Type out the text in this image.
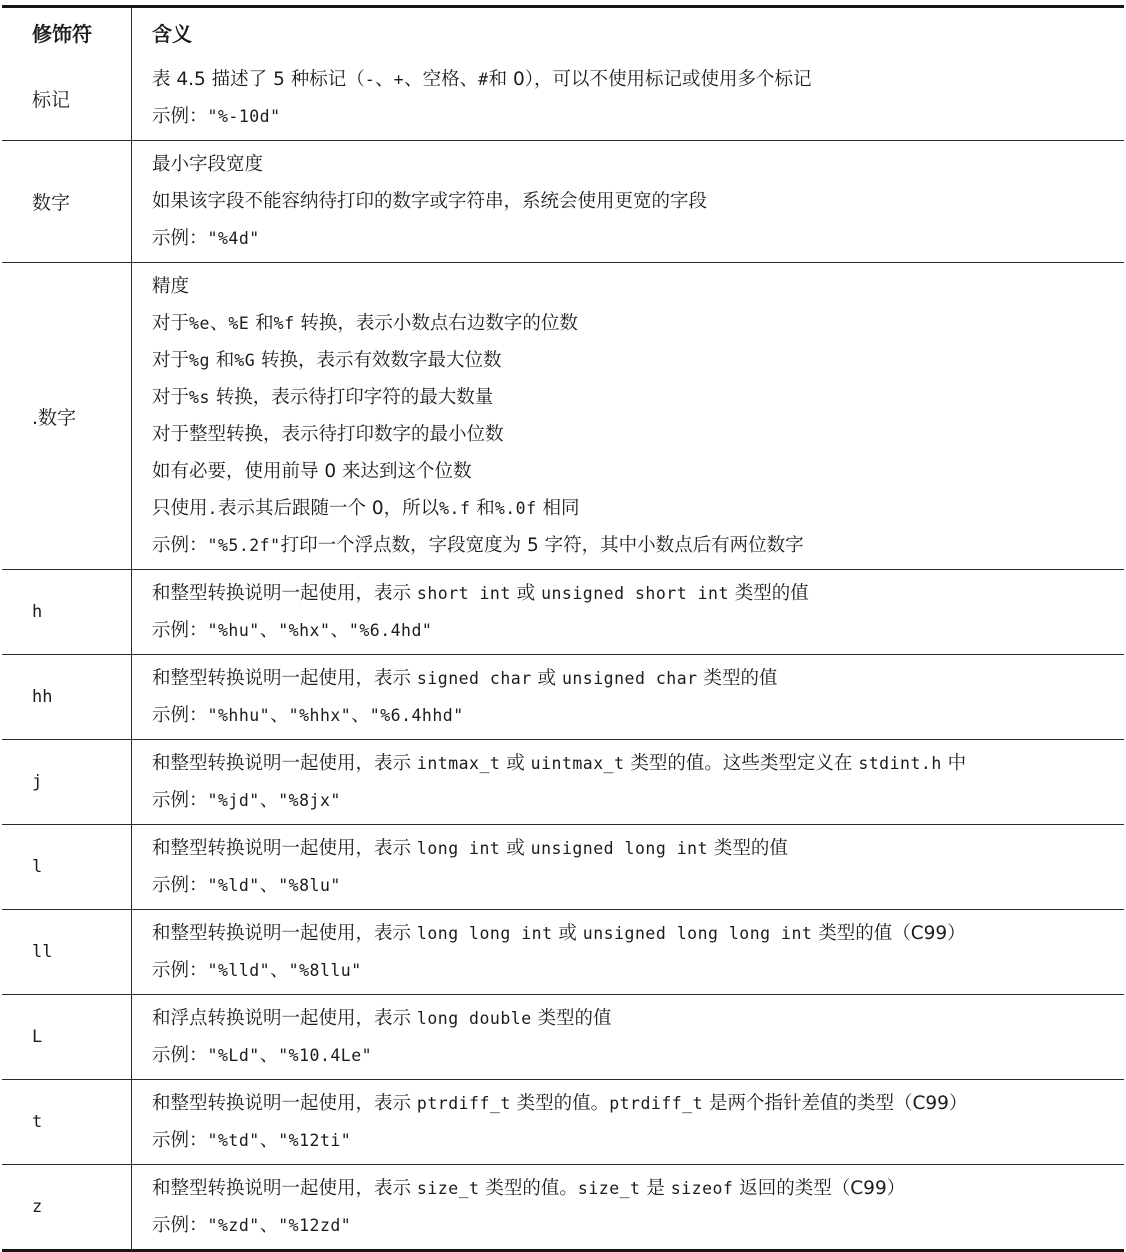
修饰符	含义
标记
表 4.5 描述了 5 种标记（-、+、空格、#和 0），可以不使用标记或使用多个标记
示例："%-10d"
数字
最小字段宽度
如果该字段不能容纳待打印的数字或字符串，系统会使用更宽的字段
示例："%4d"
.数字
精度
对于%e、%E 和%f 转换，表示小数点右边数字的位数
对于%g 和%G 转换，表示有效数字最大位数
对于%s 转换，表示待打印字符的最大数量
对于整型转换，表示待打印数字的最小位数
如有必要，使用前导 0 来达到这个位数
只使用.表示其后跟随一个 0，所以%.f 和%.0f 相同
示例："%5.2f"打印一个浮点数，字段宽度为 5 字符，其中小数点后有两位数字
h
和整型转换说明一起使用，表示 short int 或 unsigned short int 类型的值
示例："%hu"、"%hx"、"%6.4hd"
hh
和整型转换说明一起使用，表示 signed char 或 unsigned char 类型的值
示例："%hhu"、"%hhx"、"%6.4hhd"
j
和整型转换说明一起使用，表示 intmax_t 或 uintmax_t 类型的值。这些类型定义在 stdint.h 中
示例："%jd"、"%8jx"
l
和整型转换说明一起使用，表示 long int 或 unsigned long int 类型的值
示例："%ld"、"%8lu"
ll
和整型转换说明一起使用，表示 long long int 或 unsigned long long int 类型的值（C99）
示例："%lld"、"%8llu"
L
和浮点转换说明一起使用，表示 long double 类型的值
示例："%Ld"、"%10.4Le"
t
和整型转换说明一起使用，表示 ptrdiff_t 类型的值。ptrdiff_t 是两个指针差值的类型（C99）
示例："%td"、"%12ti"
z
和整型转换说明一起使用，表示 size_t 类型的值。size_t 是 sizeof 返回的类型（C99）
示例："%zd"、"%12zd"
